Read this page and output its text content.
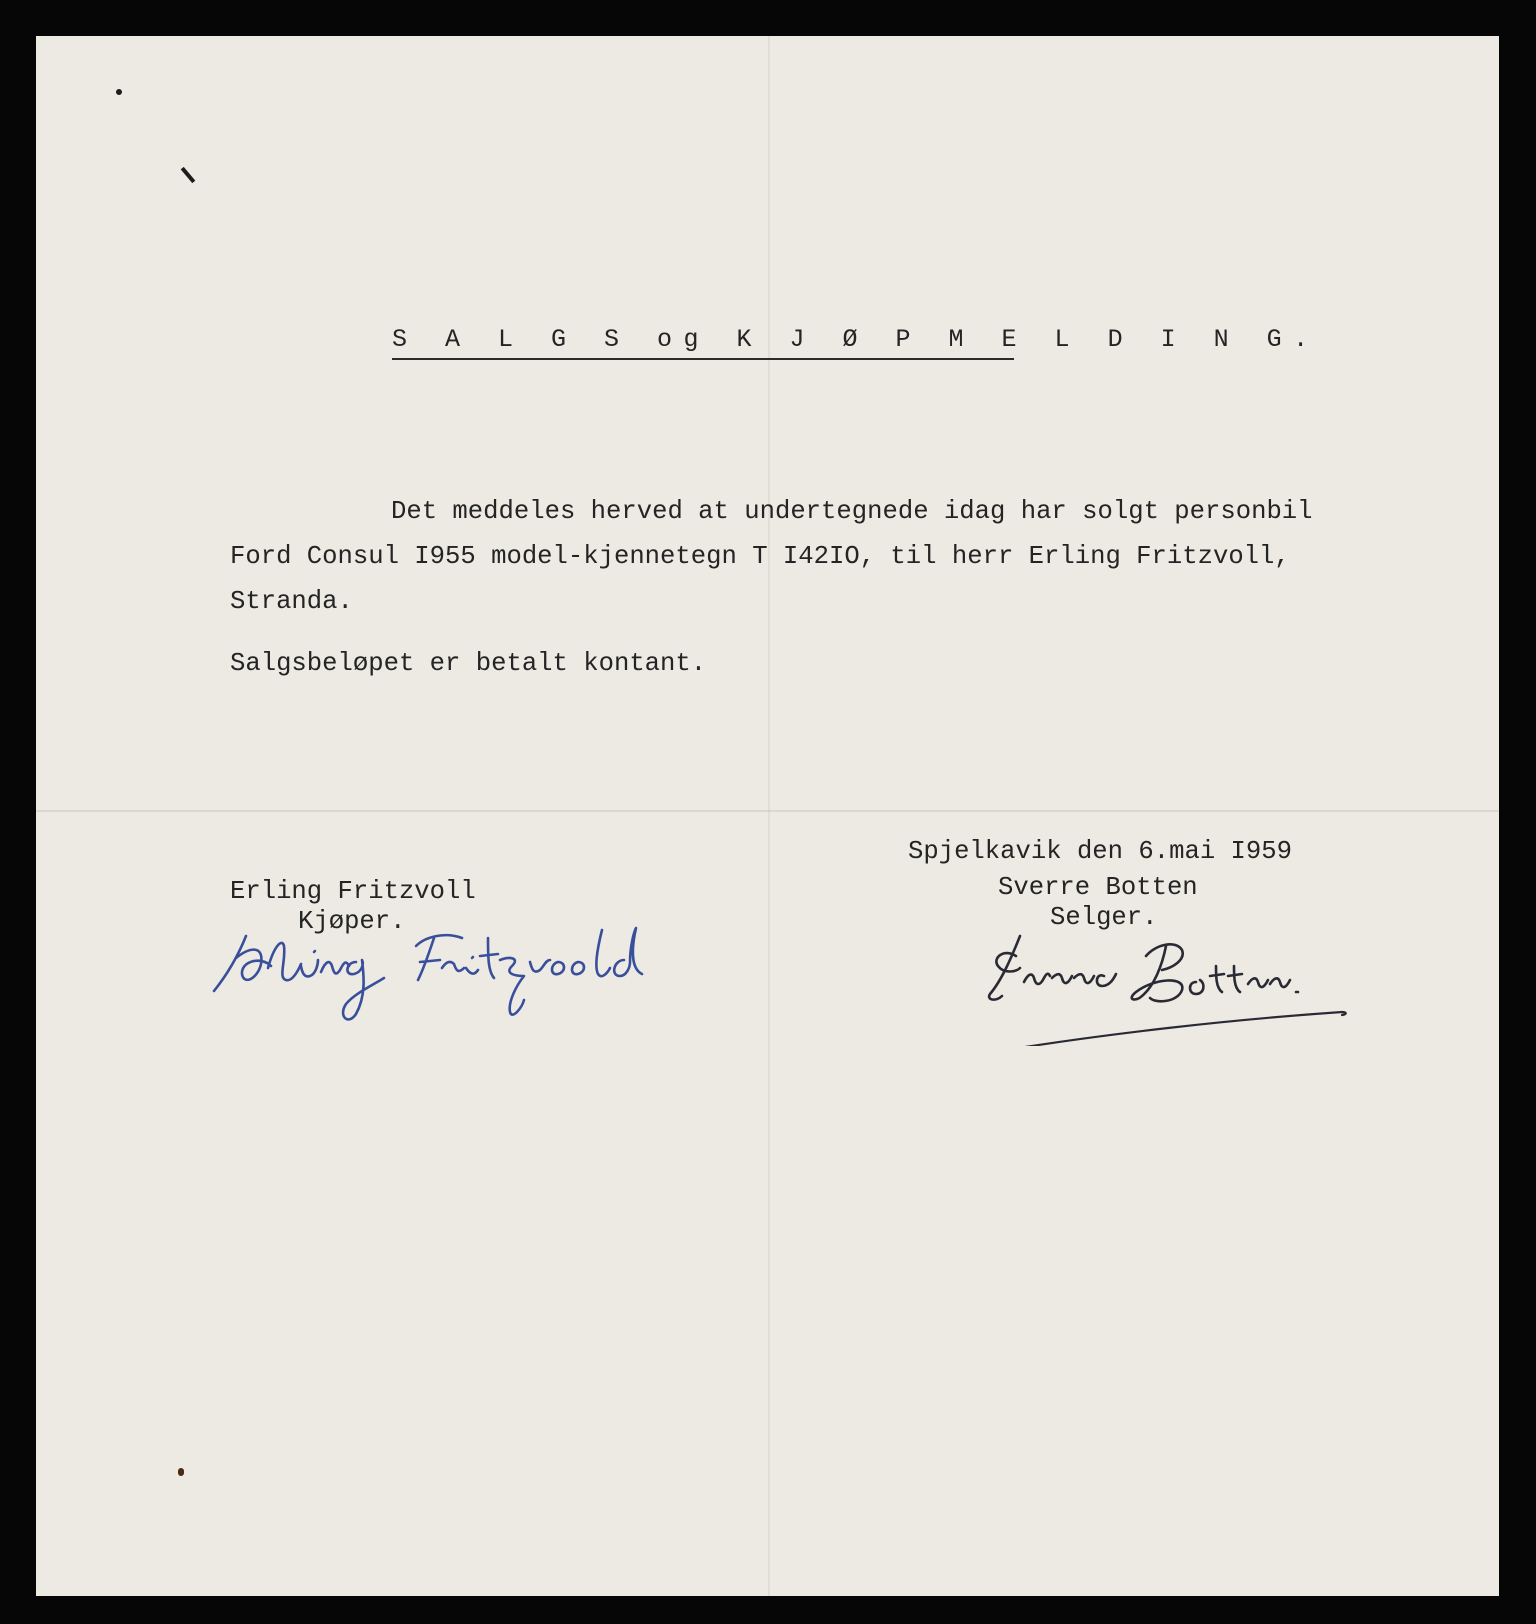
S A L G S og K J Ø P M E L D I N G.
Det meddeles herved at undertegnede idag har solgt personbil
Ford Consul I955 model-kjennetegn T I42IO, til herr Erling Fritzvoll,
Stranda.
Salgsbeløpet er betalt kontant.
Spjelkavik den 6.mai I959
Erling Fritzvoll
Kjøper.
Sverre Botten
Selger.
